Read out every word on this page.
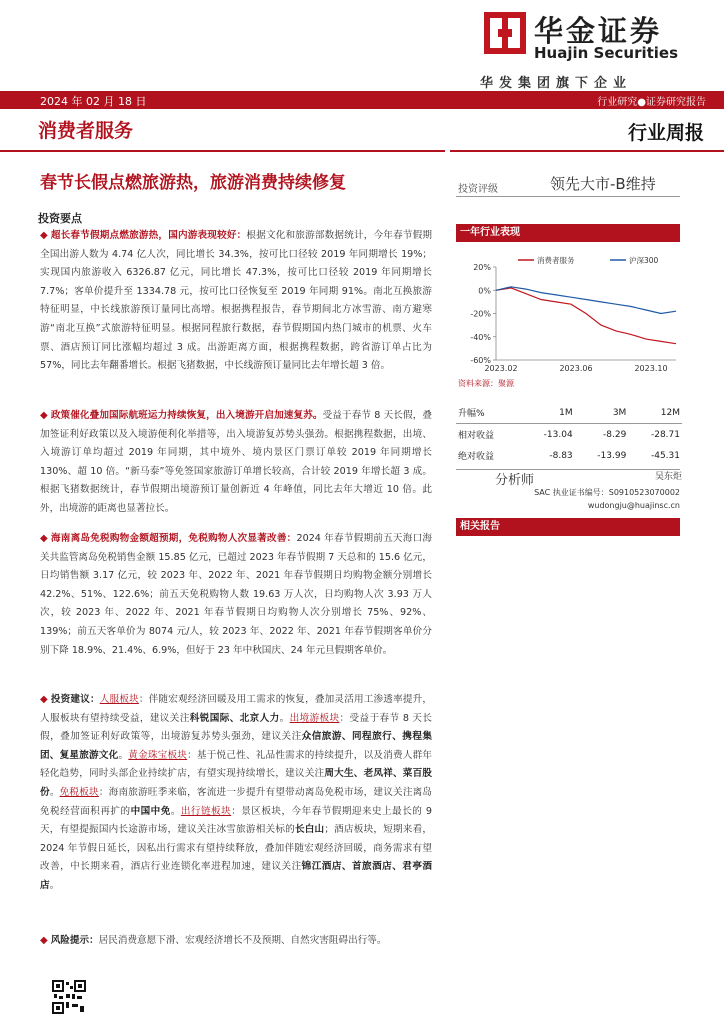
华金证券
Huajin Securities
华发集团旗下企业
2024 年 02 月 18 日	行业研究●证券研究报告
消费者服务	行业周报
春节长假点燃旅游热，旅游消费持续修复	投资评级	领先大市-B维持
投资要点
◆ 超长春节假期点燃旅游热，国内游表现较好：根据文化和旅游部数据统计，今年春节假期全国出游人数为 4.74 亿人次，同比增长 34.3%，按可比口径较 2019 年同期增长 19%；实现国内旅游收入 6326.87 亿元，同比增长 47.3%，按可比口径较 2019 年同期增长 7.7%；客单价提升至 1334.78 元，按可比口径恢复至 2019 年同期 91%。南北互换旅游特征明显，中长线旅游预订量同比高增。根据携程报告，春节期间北方冰雪游、南方避寒游“南北互换”式旅游特征明显。根据同程旅行数据，春节假期国内热门城市的机票、火车票、酒店预订同比涨幅均超过 3 成。出游距离方面，根据携程数据，跨省游订单占比为 57%，同比去年翻番增长。根据飞猪数据，中长线游预订量同比去年增长超 3 倍。
◆ 政策催化叠加国际航班运力持续恢复，出入境游开启加速复苏。受益于春节 8 天长假，叠加签证利好政策以及入境游便利化举措等，出入境游复苏势头强劲。根据携程数据，出境、入境游订单均超过 2019 年同期，其中境外、境内景区门票订单较 2019 年同期增长 130%、超 10 倍。“新马泰”等免签国家旅游订单增长较高，合计较 2019 年增长超 3 成。根据飞猪数据统计，春节假期出境游预订量创新近 4 年峰值，同比去年大增近 10 倍。此外，出境游的距离也显著拉长。
◆ 海南离岛免税购物金额超预期，免税购物人次显著改善：2024 年春节假期前五天海口海关共监管离岛免税销售金额 15.85 亿元，已超过 2023 年春节假期 7 天总和的 15.6 亿元，日均销售额 3.17 亿元，较 2023 年、2022 年、2021 年春节假期日均购物金额分别增长 42.2%、51%、122.6%；前五天免税购物人数 19.63 万人次，日均购物人次 3.93 万人次，较 2023 年、2022 年、2021 年春节假期日均购物人次分别增长 75%、92%、139%；前五天客单价为 8074 元/人，较 2023 年、2022 年、2021 年春节假期客单价分别下降 18.9%、21.4%、6.9%，但好于 23 年中秋国庆、24 年元旦假期客单价。
◆ 投资建议：人服板块：伴随宏观经济回暖及用工需求的恢复，叠加灵活用工渗透率提升，人服板块有望持续受益，建议关注科锐国际、北京人力。出境游板块：受益于春节 8 天长假，叠加签证利好政策等，出境游复苏势头强劲，建议关注众信旅游、同程旅行、携程集团、复星旅游文化。黄金珠宝板块：基于悦己性、礼品性需求的持续提升，以及消费人群年轻化趋势，同时头部企业持续扩店，有望实现持续增长，建议关注周大生、老凤祥、菜百股份。免税板块：海南旅游旺季来临，客流进一步提升有望带动离岛免税市场，建议关注离岛免税经营面积再扩的中国中免。出行链板块：景区板块，今年春节假期迎来史上最长的 9 天，有望提振国内长途游市场，建议关注冰雪旅游相关标的长白山；酒店板块，短期来看，2024 年节假日延长，因私出行需求有望持续释放，叠加伴随宏观经济回暖，商务需求有望改善，中长期来看，酒店行业连锁化率进程加速，建议关注锦江酒店、首旅酒店、君亭酒店。
◆ 风险提示：居民消费意愿下滑、宏观经济增长不及预期、自然灾害阻碍出行等。
一年行业表现
20%
0%
-20%
-40%
-60%
2023.02	2023.06	2023.10
消费者服务	沪深300
资料来源：聚源
升幅%	1M	3M	12M
相对收益	-13.04	-8.29	-28.71
绝对收益	-8.83	-13.99	-45.31
分析师	吴东炬
SAC 执业证书编号：S0910523070002
wudongju@huajinsc.cn
相关报告
